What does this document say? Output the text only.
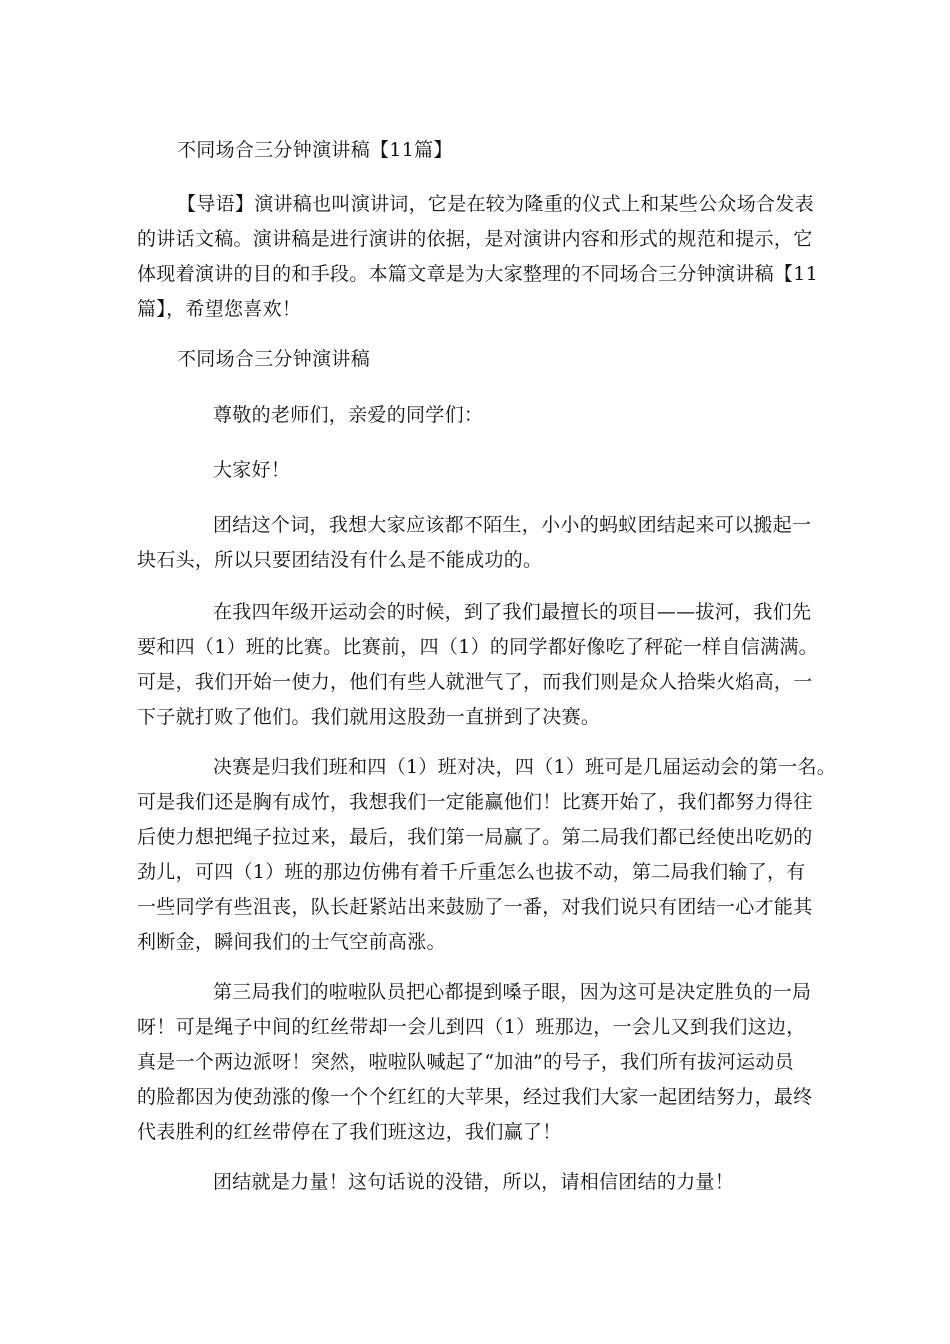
不同场合三分钟演讲稿【11篇】
【导语】演讲稿也叫演讲词，它是在较为隆重的仪式上和某些公众场合发表
的讲话文稿。演讲稿是进行演讲的依据，是对演讲内容和形式的规范和提示，它
体现着演讲的目的和手段。本篇文章是为大家整理的不同场合三分钟演讲稿【11
篇】，希望您喜欢！
不同场合三分钟演讲稿
尊敬的老师们，亲爱的同学们：
大家好！
团结这个词，我想大家应该都不陌生，小小的蚂蚁团结起来可以搬起一
块石头，所以只要团结没有什么是不能成功的。
在我四年级开运动会的时候，到了我们最擅长的项目——拔河，我们先
要和四（1）班的比赛。比赛前，四（1）的同学都好像吃了秤砣一样自信满满。
可是，我们开始一使力，他们有些人就泄气了，而我们则是众人拾柴火焰高，一
下子就打败了他们。我们就用这股劲一直拼到了决赛。
决赛是归我们班和四（1）班对决，四（1）班可是几届运动会的第一名。
可是我们还是胸有成竹，我想我们一定能赢他们！比赛开始了，我们都努力得往
后使力想把绳子拉过来，最后，我们第一局赢了。第二局我们都已经使出吃奶的
劲儿，可四（1）班的那边仿佛有着千斤重怎么也拔不动，第二局我们输了，有
一些同学有些沮丧，队长赶紧站出来鼓励了一番，对我们说只有团结一心才能其
利断金，瞬间我们的士气空前高涨。
第三局我们的啦啦队员把心都提到嗓子眼，因为这可是决定胜负的一局
呀！可是绳子中间的红丝带却一会儿到四（1）班那边，一会儿又到我们这边，
真是一个两边派呀！突然，啦啦队喊起了“加油”的号子，我们所有拔河运动员
的脸都因为使劲涨的像一个个红红的大苹果，经过我们大家一起团结努力，最终
代表胜利的红丝带停在了我们班这边，我们赢了！
团结就是力量！这句话说的没错，所以，请相信团结的力量！
